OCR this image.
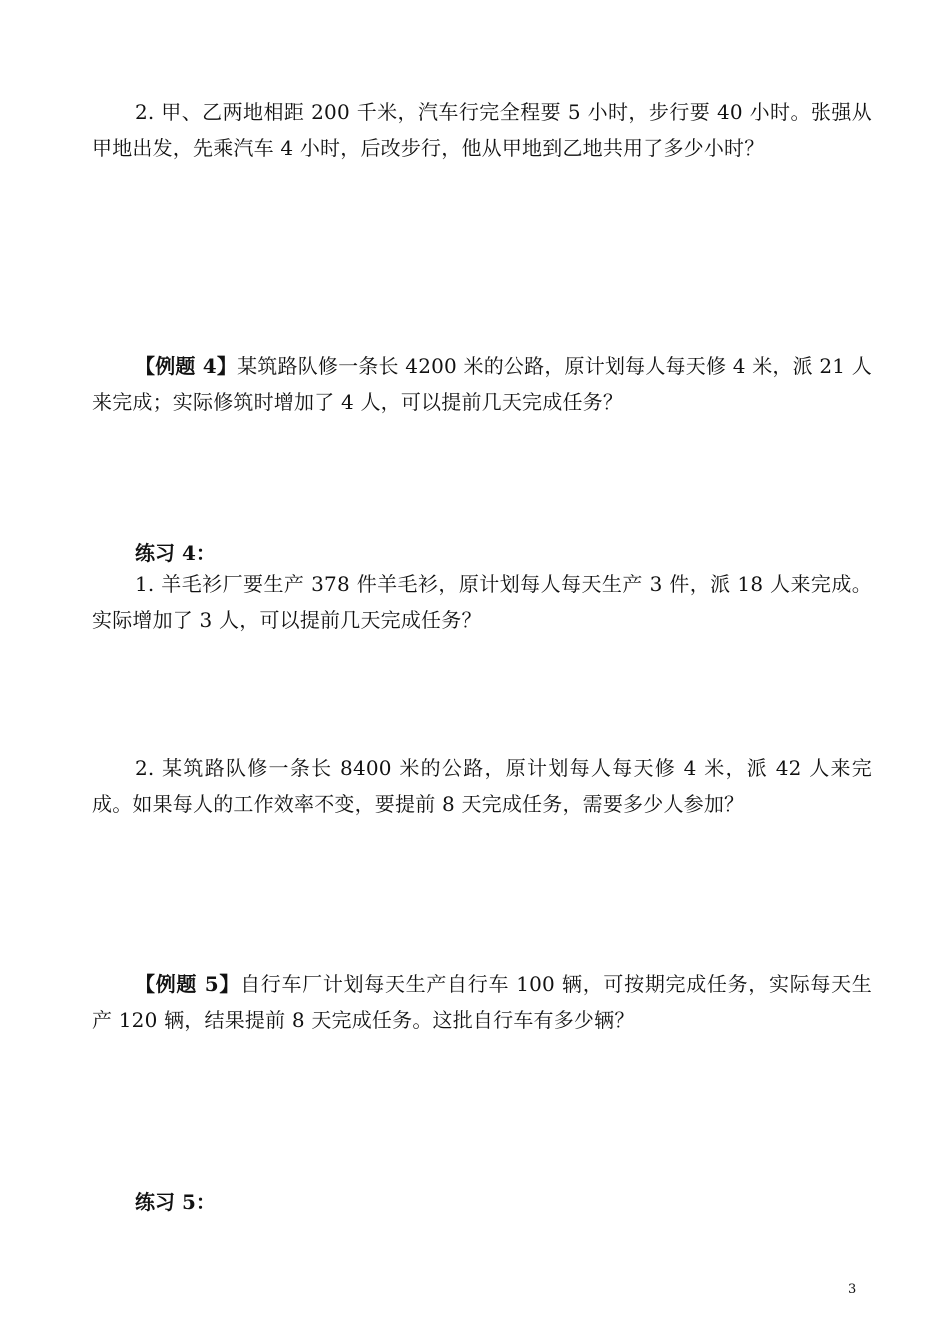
2. 甲、乙两地相距 200 千米，汽车行完全程要 5 小时，步行要 40 小时。张强从甲地出发，先乘汽车 4 小时，后改步行，他从甲地到乙地共用了多少小时？

【例题 4】某筑路队修一条长 4200 米的公路，原计划每人每天修 4 米，派 21 人来完成；实际修筑时增加了 4 人，可以提前几天完成任务？

练习 4：

1. 羊毛衫厂要生产 378 件羊毛衫，原计划每人每天生产 3 件，派 18 人来完成。实际增加了 3 人，可以提前几天完成任务？

2. 某筑路队修一条长 8400 米的公路，原计划每人每天修 4 米，派 42 人来完成。如果每人的工作效率不变，要提前 8 天完成任务，需要多少人参加？

【例题 5】自行车厂计划每天生产自行车 100 辆，可按期完成任务，实际每天生产 120 辆，结果提前 8 天完成任务。这批自行车有多少辆？

练习 5：

3
